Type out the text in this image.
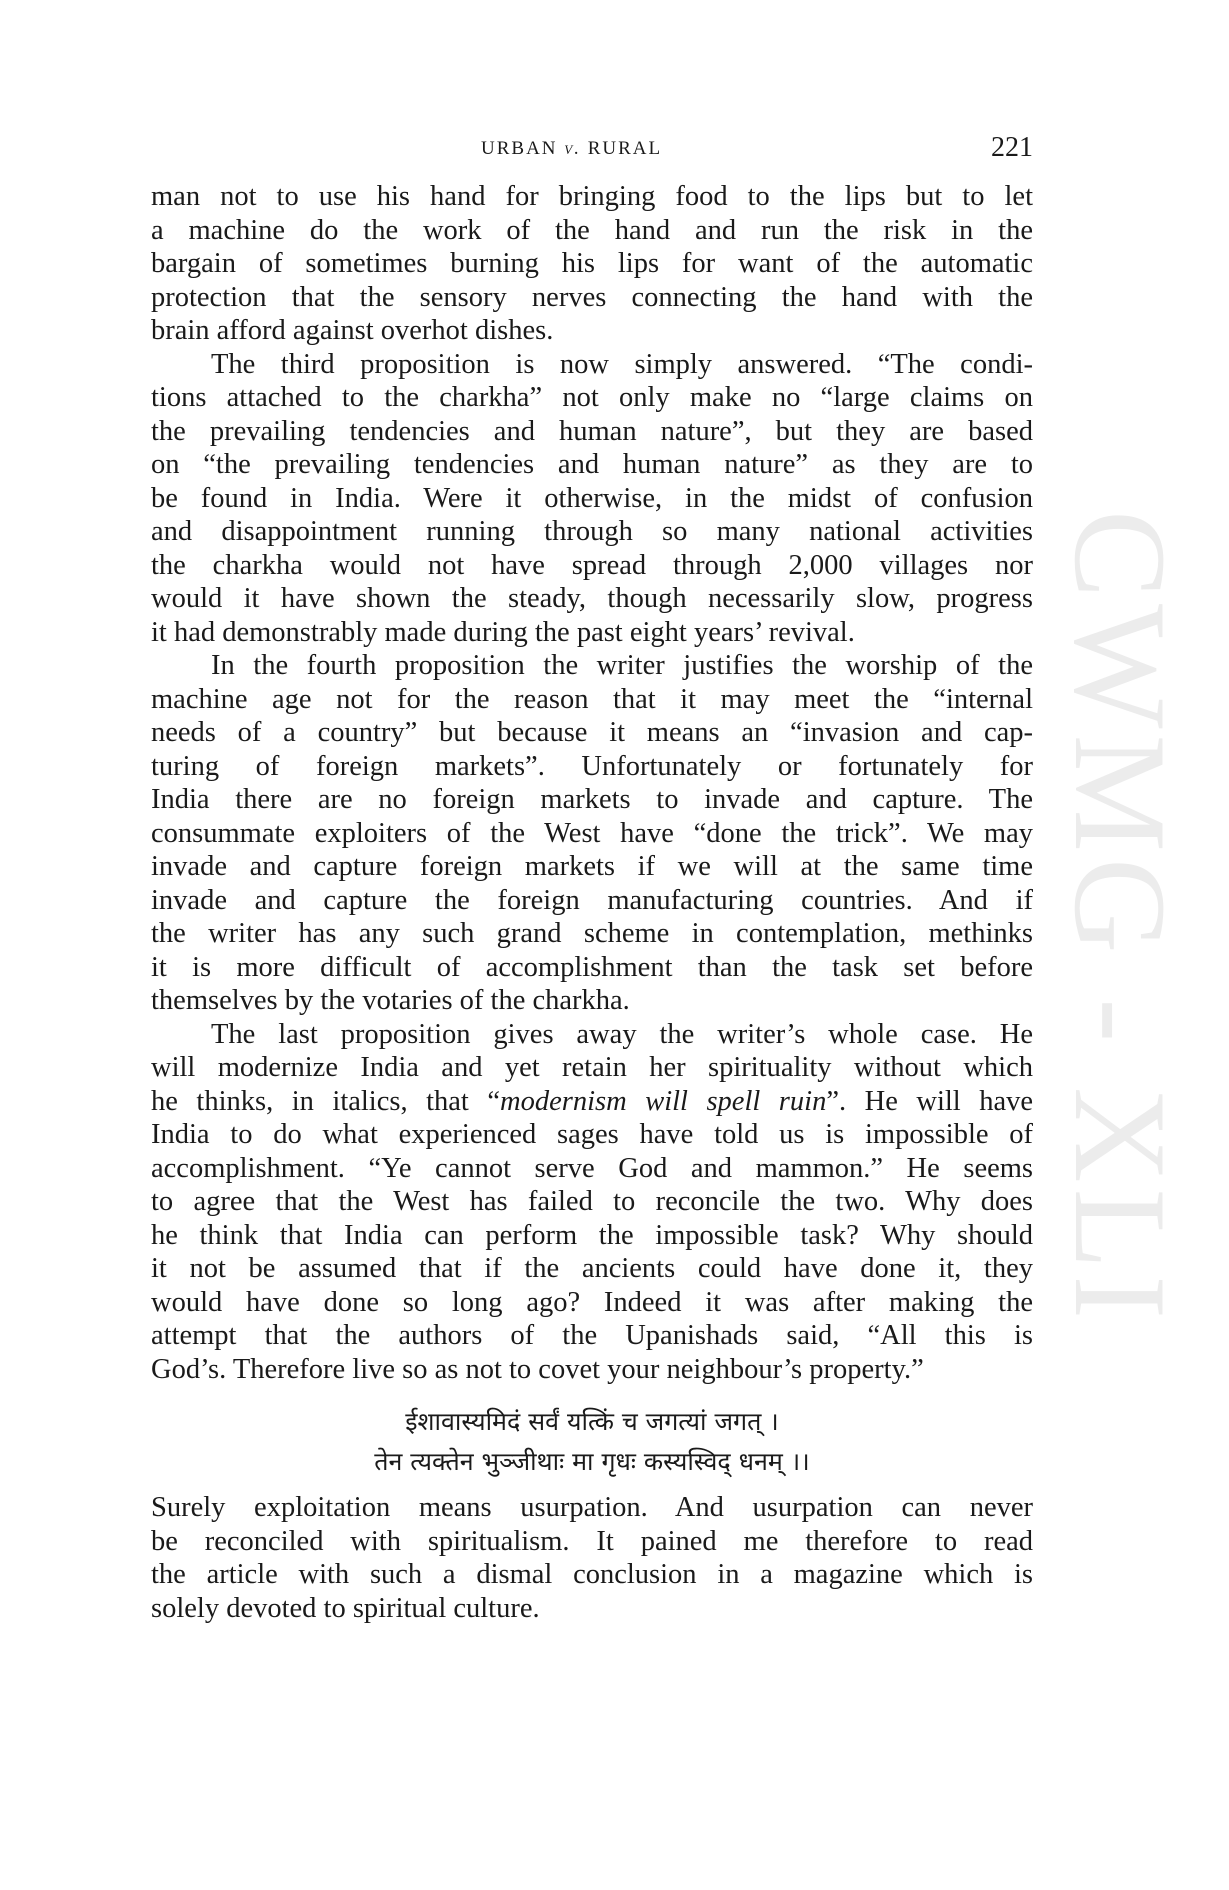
CWMG - XLI
URBAN v. RURAL	221
man not to use his hand for bringing food to the lips but to let
a machine do the work of the hand and run the risk in the
bargain of sometimes burning his lips for want of the automatic
protection that the sensory nerves connecting the hand with the
brain afford against overhot dishes.
The third proposition is now simply answered. “The condi-
tions attached to the charkha” not only make no “large claims on
the prevailing tendencies and human nature”, but they are based
on “the prevailing tendencies and human nature” as they are to
be found in India. Were it otherwise, in the midst of confusion
and disappointment running through so many national activities
the charkha would not have spread through 2,000 villages nor
would it have shown the steady, though necessarily slow, progress
it had demonstrably made during the past eight years’ revival.
In the fourth proposition the writer justifies the worship of the
machine age not for the reason that it may meet the “internal
needs of a country” but because it means an “invasion and cap-
turing of foreign markets”. Unfortunately or fortunately for
India there are no foreign markets to invade and capture. The
consummate exploiters of the West have “done the trick”. We may
invade and capture foreign markets if we will at the same time
invade and capture the foreign manufacturing countries. And if
the writer has any such grand scheme in contemplation, methinks
it is more difficult of accomplishment than the task set before
themselves by the votaries of the charkha.
The last proposition gives away the writer’s whole case. He
will modernize India and yet retain her spirituality without which
he thinks, in italics, that “modernism will spell ruin”. He will have
India to do what experienced sages have told us is impossible of
accomplishment. “Ye cannot serve God and mammon.” He seems
to agree that the West has failed to reconcile the two. Why does
he think that India can perform the impossible task? Why should
it not be assumed that if the ancients could have done it, they
would have done so long ago? Indeed it was after making the
attempt that the authors of the Upanishads said, “All this is
God’s. Therefore live so as not to covet your neighbour’s property.”
ईशावास्यमिदं सर्वं यत्किं च जगत्यां जगत् ।
तेन त्यक्तेन भुञ्जीथाः मा गृधः कस्यस्विद् धनम् ।।
Surely exploitation means usurpation. And usurpation can never
be reconciled with spiritualism. It pained me therefore to read
the article with such a dismal conclusion in a magazine which is
solely devoted to spiritual culture.
